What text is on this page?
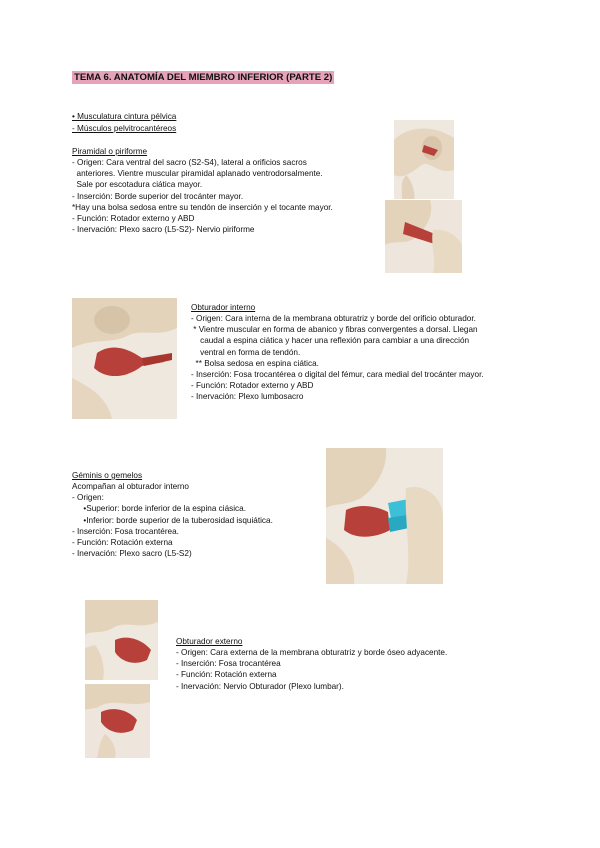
TEMA 6. ANATOMÍA DEL MIEMBRO INFERIOR (PARTE 2)
• Musculatura cintura pélvica
- Músculos pelvitrocantéreos
Piramidal o piriforme
- Origen: Cara ventral del sacro (S2-S4), lateral a orificios sacros
anteriores. Vientre muscular piramidal aplanado ventrodorsalmente.
Sale por escotadura ciática mayor.
- Inserción: Borde superior del trocánter mayor.
*Hay una bolsa sedosa entre su tendón de inserción y el tocante mayor.
- Función: Rotador externo y ABD
- Inervación: Plexo sacro (L5-S2)- Nervio piriforme
Obturador interno
- Origen: Cara interna de la membrana obturatriz y borde del orificio obturador.
* Vientre muscular en forma de abanico y fibras convergentes a dorsal. Llegan
caudal a espina ciática y hacer una reflexión para cambiar a una dirección
ventral en forma de tendón.
** Bolsa sedosa en espina ciática.
- Inserción: Fosa trocantérea o digital del fémur, cara medial del trocánter mayor.
- Función: Rotador externo y ABD
- Inervación: Plexo lumbosacro
Géminis o gemelos
Acompañan al obturador interno
- Origen:
•Superior: borde inferior de la espina ciásica.
•Inferior: borde superior de la tuberosidad isquiática.
- Inserción: Fosa trocantérea.
- Función: Rotación externa
- Inervación: Plexo sacro (L5-S2)
Obturador externo
- Origen: Cara externa de la membrana obturatriz y borde óseo adyacente.
- Inserción: Fosa trocantérea
- Función: Rotación externa
- Inervación: Nervio Obturador (Plexo lumbar).
